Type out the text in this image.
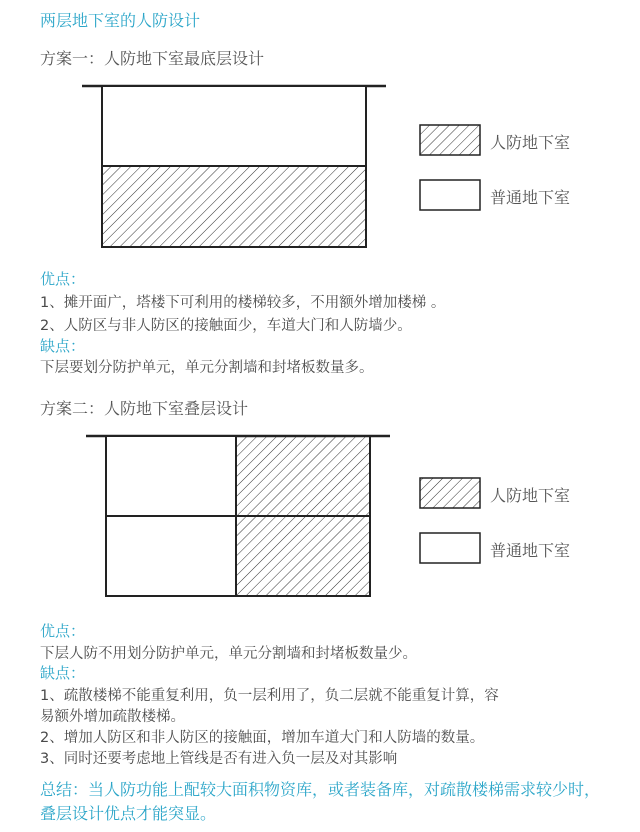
两层地下室的人防设计
方案一：人防地下室最底层设计
人防地下室
普通地下室
优点：
1、摊开面广，塔楼下可利用的楼梯较多，不用额外增加楼梯 。
2、人防区与非人防区的接触面少，车道大门和人防墙少。
缺点：
下层要划分防护单元，单元分割墙和封堵板数量多。
方案二：人防地下室叠层设计
人防地下室
普通地下室
优点：
下层人防不用划分防护单元，单元分割墙和封堵板数量少。
缺点：
1、疏散楼梯不能重复利用，负一层利用了，负二层就不能重复计算，容
易额外增加疏散楼梯。
2、增加人防区和非人防区的接触面，增加车道大门和人防墙的数量。
3、同时还要考虑地上管线是否有进入负一层及对其影响
总结：当人防功能上配较大面积物资库，或者装备库，对疏散楼梯需求较少时，叠层设计优点才能突显。
